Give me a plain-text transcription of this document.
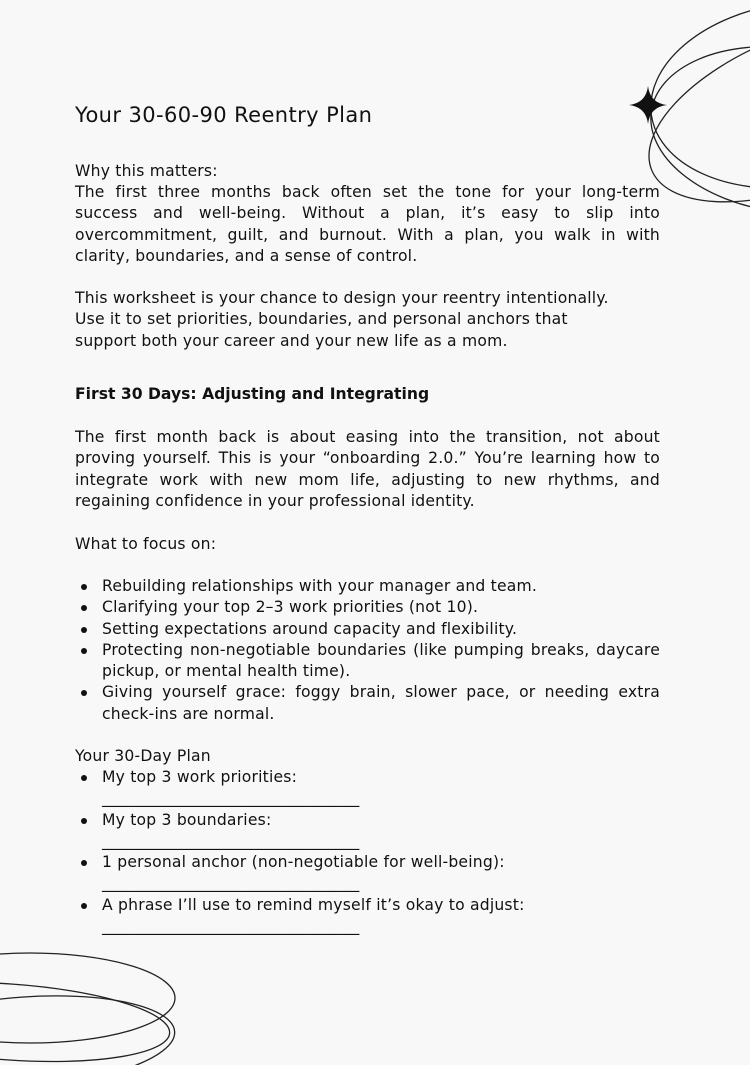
Your 30-60-90 Reentry Plan

Why this matters:

The first three months back often set the tone for your long-term success and well-being. Without a plan, it’s easy to slip into overcommitment, guilt, and burnout. With a plan, you walk in with clarity, boundaries, and a sense of control.

This worksheet is your chance to design your reentry intentionally.
Use it to set priorities, boundaries, and personal anchors that
support both your career and your new life as a mom.
First 30 Days: Adjusting and Integrating

The first month back is about easing into the transition, not about proving yourself. This is your “onboarding 2.0.” You’re learning how to integrate work with new mom life, adjusting to new rhythms, and regaining confidence in your professional identity.

What to focus on:

Rebuilding relationships with your manager and team.
Clarifying your top 2–3 work priorities (not 10).
Setting expectations around capacity and flexibility.
Protecting non-negotiable boundaries (like pumping breaks, daycare pickup, or mental health time).
Giving yourself grace: foggy brain, slower pace, or needing extra check-ins are normal.

Your 30-Day Plan

My top 3 work priorities:
_________________________________
My top 3 boundaries:
_________________________________
1 personal anchor (non-negotiable for well-being):
_________________________________
A phrase I’ll use to remind myself it’s okay to adjust:
_________________________________
